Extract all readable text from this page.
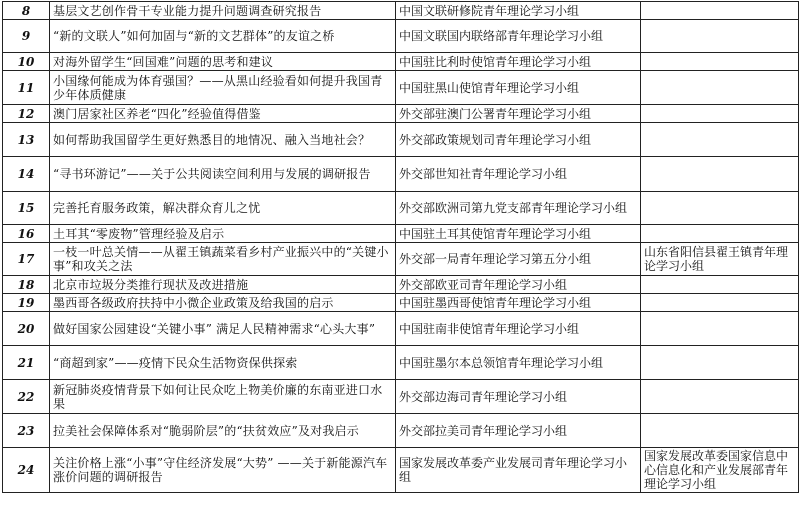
8	基层文艺创作骨干专业能力提升问题调查研究报告	中国文联研修院青年理论学习小组	
9	“新的文联人”如何加固与“新的文艺群体”的友谊之桥	中国文联国内联络部青年理论学习小组	
10	对海外留学生“回国难”问题的思考和建议	中国驻比利时使馆青年理论学习小组	
11	小国缘何能成为体育强国？——从黑山经验看如何提升我国青少年体质健康	中国驻黑山使馆青年理论学习小组	
12	澳门居家社区养老“四化”经验值得借鉴	外交部驻澳门公署青年理论学习小组	
13	如何帮助我国留学生更好熟悉目的地情况、融入当地社会？	外交部政策规划司青年理论学习小组	
14	“寻书环游记”——关于公共阅读空间利用与发展的调研报告	外交部世知社青年理论学习小组	
15	完善托育服务政策，解决群众育儿之忧	外交部欧洲司第九党支部青年理论学习小组	
16	土耳其“零废物”管理经验及启示	中国驻土耳其使馆青年理论学习小组	
17	一枝一叶总关情——从翟王镇蔬菜看乡村产业振兴中的“关键小事”和攻关之法	外交部一局青年理论学习第五分小组	山东省阳信县翟王镇青年理论学习小组
18	北京市垃圾分类推行现状及改进措施	外交部欧亚司青年理论学习小组	
19	墨西哥各级政府扶持中小微企业政策及给我国的启示	中国驻墨西哥使馆青年理论学习小组	
20	做好国家公园建设“关键小事” 满足人民精神需求“心头大事”	中国驻南非使馆青年理论学习小组	
21	“商超到家”——疫情下民众生活物资保供探索	中国驻墨尔本总领馆青年理论学习小组	
22	新冠肺炎疫情背景下如何让民众吃上物美价廉的东南亚进口水果	外交部边海司青年理论学习小组	
23	拉美社会保障体系对“脆弱阶层”的“扶贫效应”及对我启示	外交部拉美司青年理论学习小组	
24	关注价格上涨“小事”守住经济发展“大势” ——关于新能源汽车涨价问题的调研报告	国家发展改革委产业发展司青年理论学习小组	国家发展改革委国家信息中心信息化和产业发展部青年理论学习小组
